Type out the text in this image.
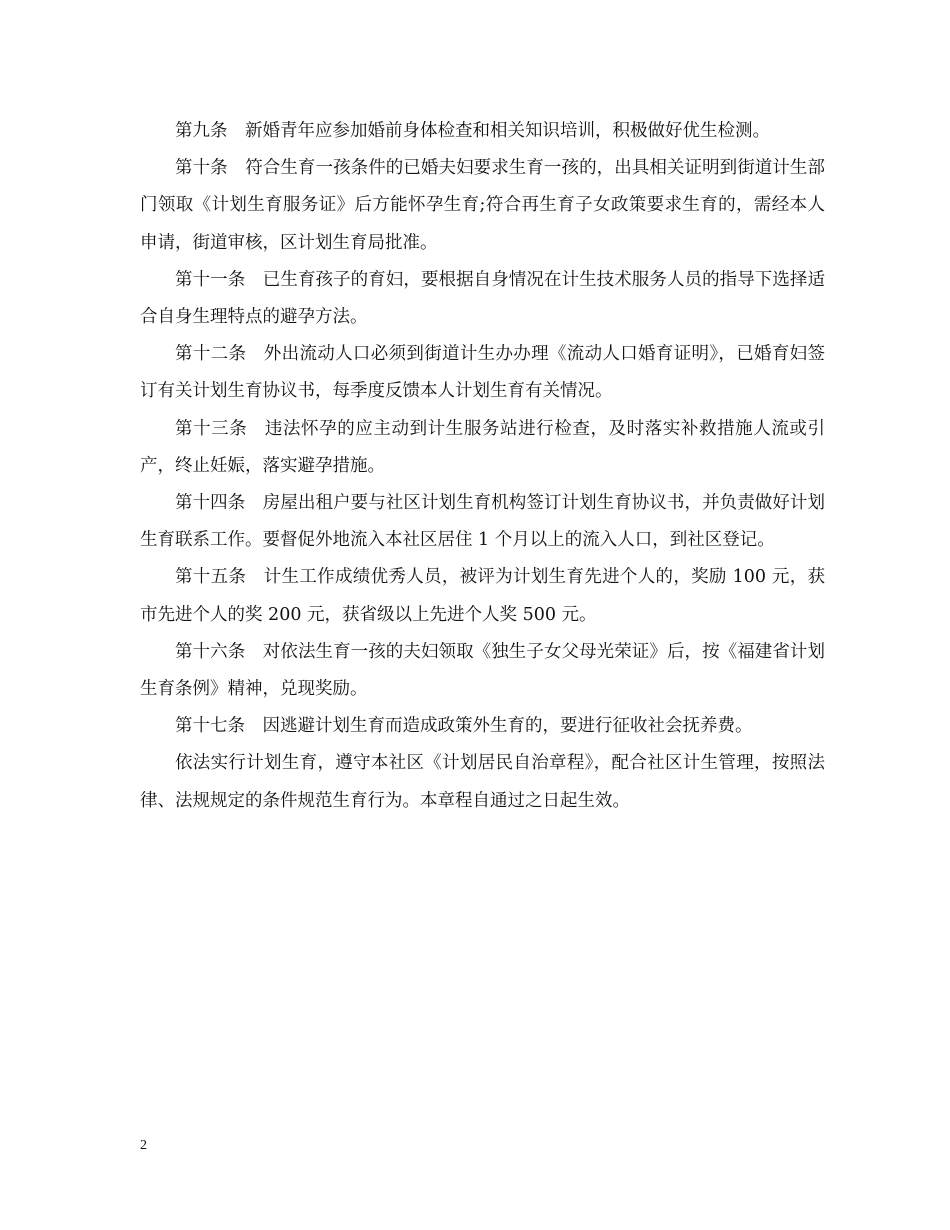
第九条 新婚青年应参加婚前身体检查和相关知识培训，积极做好优生检测。

第十条 符合生育一孩条件的已婚夫妇要求生育一孩的，出具相关证明到街道计生部门领取《计划生育服务证》后方能怀孕生育;符合再生育子女政策要求生育的，需经本人申请，街道审核，区计划生育局批准。

第十一条 已生育孩子的育妇，要根据自身情况在计生技术服务人员的指导下选择适合自身生理特点的避孕方法。

第十二条 外出流动人口必须到街道计生办办理《流动人口婚育证明》，已婚育妇签订有关计划生育协议书，每季度反馈本人计划生育有关情况。

第十三条 违法怀孕的应主动到计生服务站进行检查，及时落实补救措施人流或引产，终止妊娠，落实避孕措施。

第十四条 房屋出租户要与社区计划生育机构签订计划生育协议书，并负责做好计划生育联系工作。要督促外地流入本社区居住 1 个月以上的流入人口，到社区登记。

第十五条 计生工作成绩优秀人员，被评为计划生育先进个人的，奖励 100 元，获市先进个人的奖 200 元，获省级以上先进个人奖 500 元。

第十六条 对依法生育一孩的夫妇领取《独生子女父母光荣证》后，按《福建省计划生育条例》精神，兑现奖励。

第十七条 因逃避计划生育而造成政策外生育的，要进行征收社会抚养费。

依法实行计划生育，遵守本社区《计划居民自治章程》，配合社区计生管理，按照法律、法规规定的条件规范生育行为。本章程自通过之日起生效。

2
